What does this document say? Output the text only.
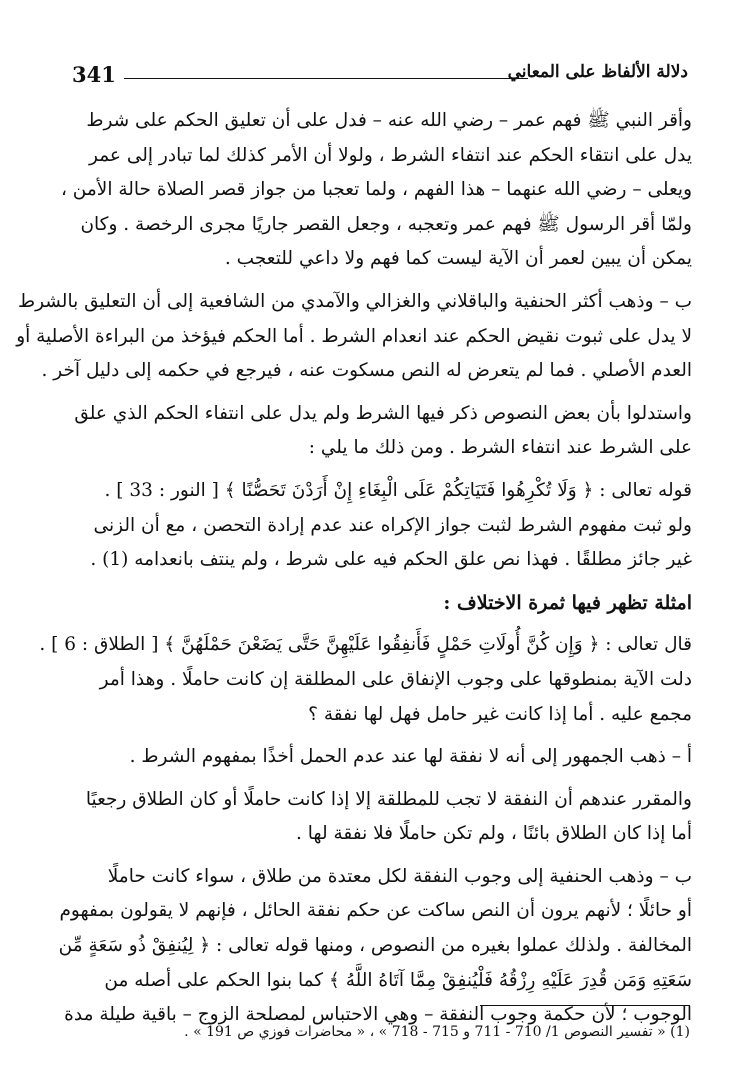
341	دلالة الألفاظ على المعاني
وأقر النبي ﷺ فهم عمر – رضي الله عنه – فدل على أن تعليق الحكم على شرط
يدل على انتقاء الحكم عند انتفاء الشرط ، ولولا أن الأمر كذلك لما تبادر إلى عمر
ويعلى – رضي الله عنهما – هذا الفهم ، ولما تعجبا من جواز قصر الصلاة حالة الأمن ،
ولمّا أقر الرسول ﷺ فهم عمر وتعجبه ، وجعل القصر جاريًا مجرى الرخصة . وكان
يمكن أن يبين لعمر أن الآية ليست كما فهم ولا داعي للتعجب .
ب – وذهب أكثر الحنفية والباقلاني والغزالي والآمدي من الشافعية إلى أن التعليق بالشرط
لا يدل على ثبوت نقيض الحكم عند انعدام الشرط . أما الحكم فيؤخذ من البراءة الأصلية أو
العدم الأصلي . فما لم يتعرض له النص مسكوت عنه ، فيرجع في حكمه إلى دليل آخر .
واستدلوا بأن بعض النصوص ذكر فيها الشرط ولم يدل على انتفاء الحكم الذي علق
على الشرط عند انتفاء الشرط . ومن ذلك ما يلي :
قوله تعالى : ﴿ وَلَا تُكْرِهُوا فَتَيَاتِكُمْ عَلَى الْبِغَاءِ إِنْ أَرَدْنَ تَحَصُّنًا ﴾ [ النور : 33 ] .
ولو ثبت مفهوم الشرط لثبت جواز الإكراه عند عدم إرادة التحصن ، مع أن الزنى
غير جائز مطلقًا . فهذا نص علق الحكم فيه على شرط ، ولم ينتف بانعدامه (1) .
امثلة تظهر فيها ثمرة الاختلاف :
قال تعالى : ﴿ وَإِن كُنَّ أُولَاتِ حَمْلٍ فَأَنفِقُوا عَلَيْهِنَّ حَتَّى يَضَعْنَ حَمْلَهُنَّ ﴾ [ الطلاق : 6 ] .
دلت الآية بمنطوقها على وجوب الإنفاق على المطلقة إن كانت حاملًا . وهذا أمر
مجمع عليه . أما إذا كانت غير حامل فهل لها نفقة ؟
أ – ذهب الجمهور إلى أنه لا نفقة لها عند عدم الحمل أخذًا بمفهوم الشرط .
والمقرر عندهم أن النفقة لا تجب للمطلقة إلا إذا كانت حاملًا أو كان الطلاق رجعيًا
أما إذا كان الطلاق بائنًا ، ولم تكن حاملًا فلا نفقة لها .
ب – وذهب الحنفية إلى وجوب النفقة لكل معتدة من طلاق ، سواء كانت حاملًا
أو حائلًا ؛ لأنهم يرون أن النص ساكت عن حكم نفقة الحائل ، فإنهم لا يقولون بمفهوم
المخالفة . ولذلك عملوا بغيره من النصوص ، ومنها قوله تعالى : ﴿ لِيُنفِقْ ذُو سَعَةٍ مِّن
سَعَتِهِ وَمَن قُدِرَ عَلَيْهِ رِزْقُهُ فَلْيُنفِقْ مِمَّا آتَاهُ اللَّهُ ﴾ كما بنوا الحكم على أصله من
الوجوب ؛ لأن حكمة وجوب النفقة – وهي الاحتباس لمصلحة الزوج – باقية طيلة مدة
(1) « تفسير النصوص 1/ 710 - 711 و 715 - 718 » ، « محاضرات فوزي ص 191 » .
